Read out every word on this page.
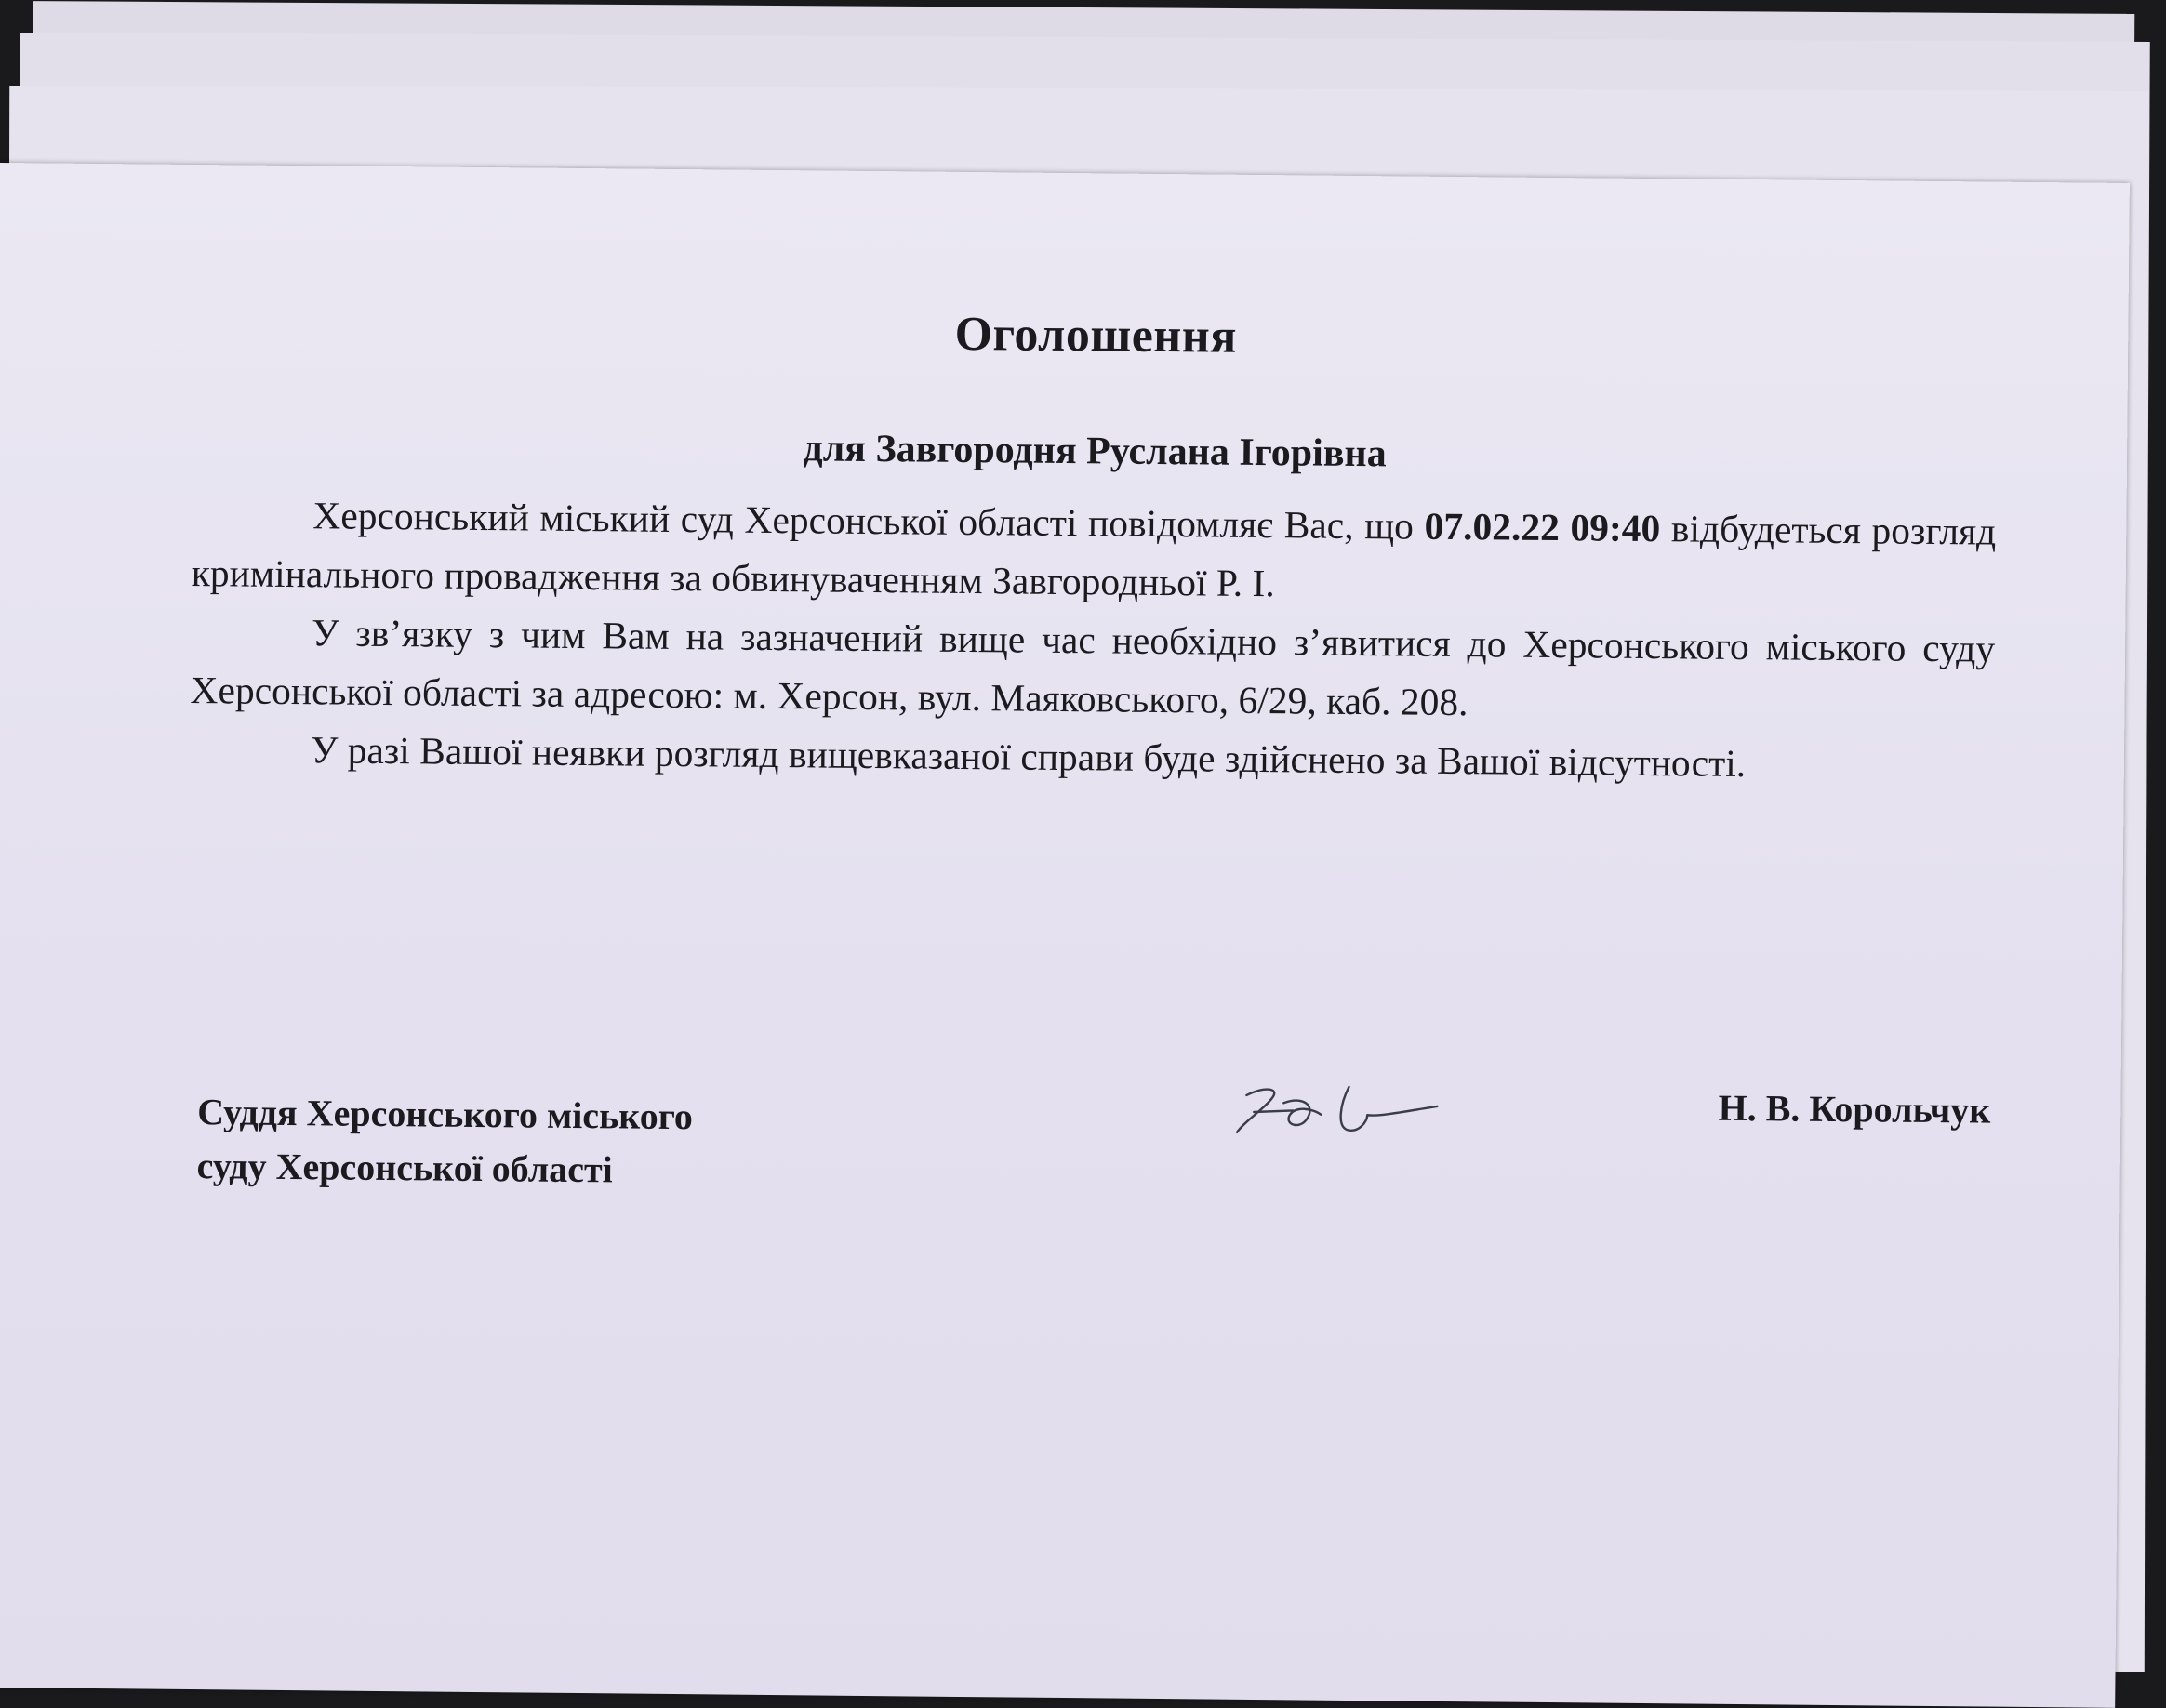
Оголошення
для Завгородня Руслана Ігорівна

Херсонський міський суд Херсонської області повідомляє Вас, що 07.02.22 09:40 відбудеться розгляд кримінального провадження за обвинуваченням Завгородньої Р. І.

У зв’язку з чим Вам на зазначений вище час необхідно з’явитися до Херсонського міського суду Херсонської області за адресою: м. Херсон, вул. Маяковського, 6/29, каб. 208.

У разі Вашої неявки розгляд вищевказаної справи буде здійснено за Вашої відсутності.

Суддя Херсонського міського
суду Херсонської області
Н. В. Корольчук
